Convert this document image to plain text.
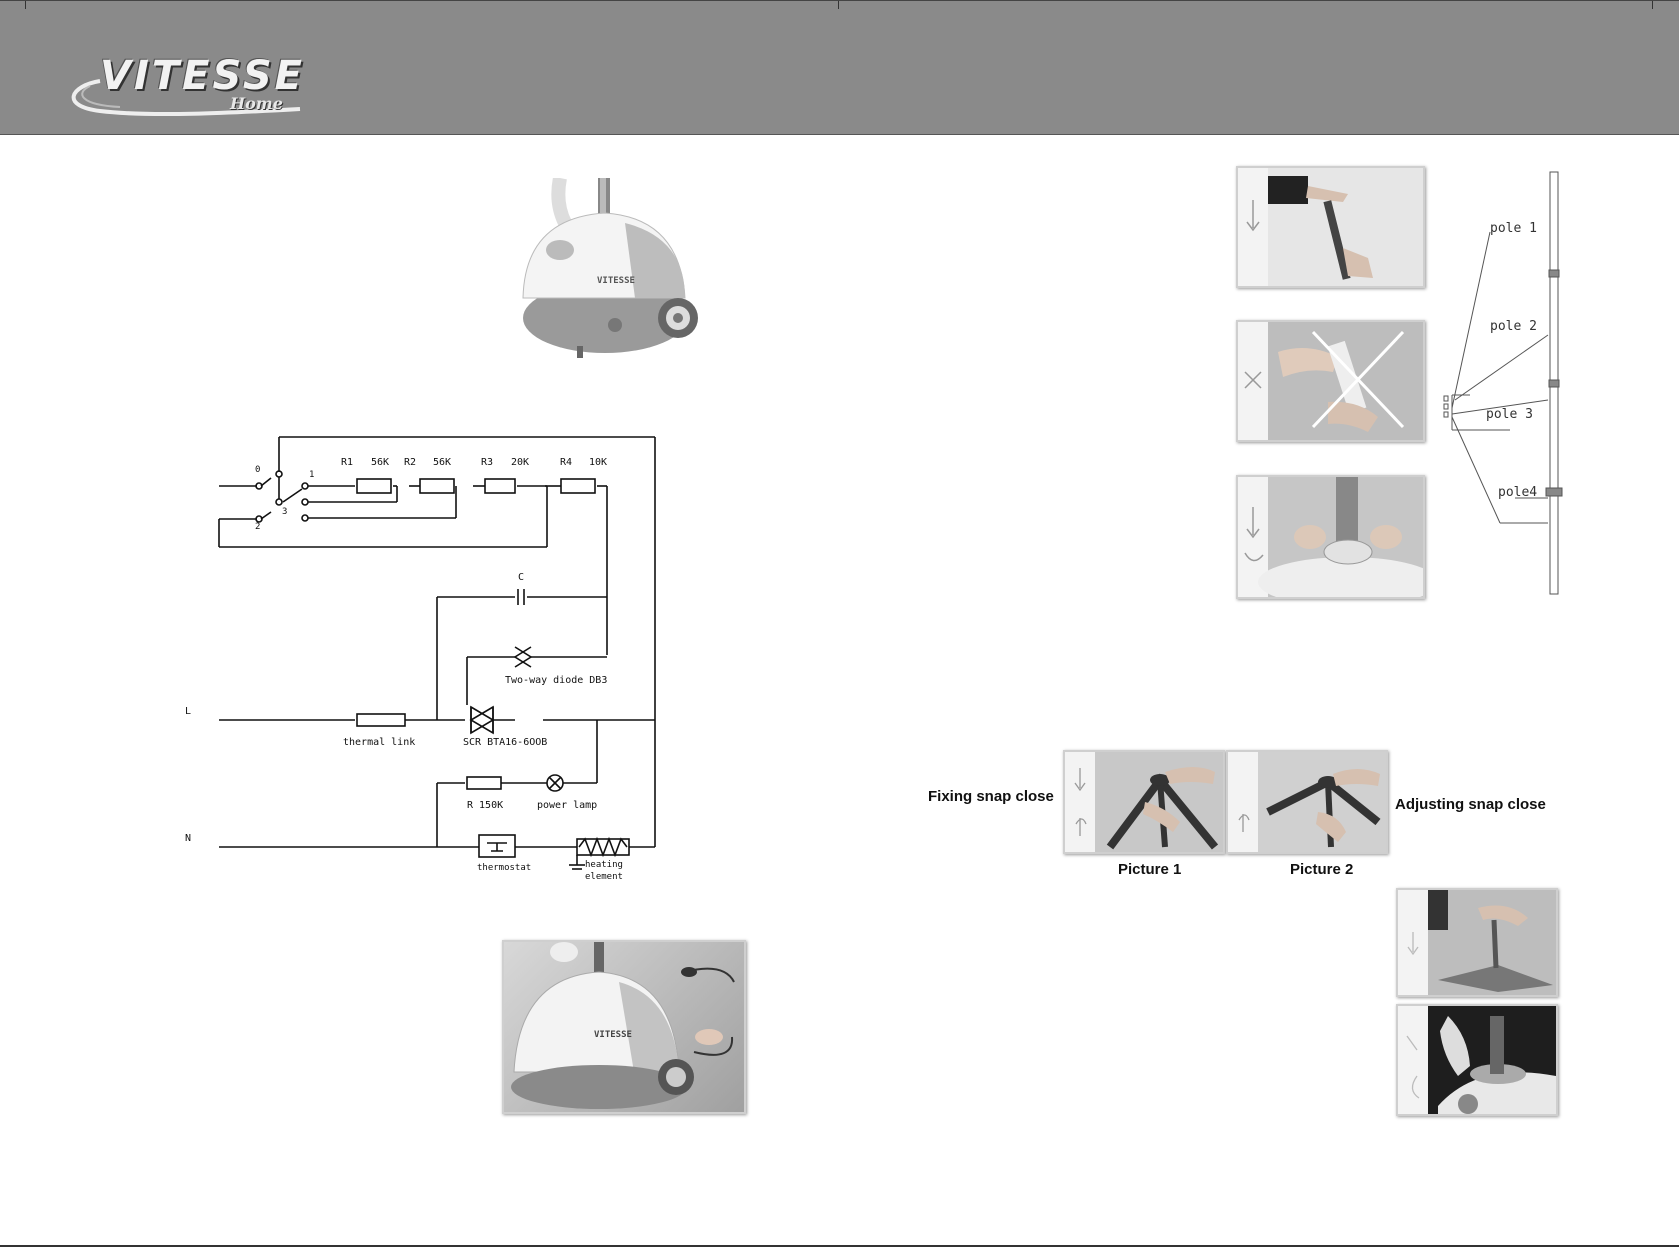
VITESSE
Home
VITESSE
R1 56K R2 56K	R3 20K	R4 10K
0	1
2
3
C
Two-way diode DB3
L
N
thermal link	SCR BTA16-6OOB
R 150K	power lamp
thermostat	heating
element
VITESSE
pole 1
pole 2
pole 3
pole4
Fixing snap close	Adjusting snap close
Picture 1	Picture 2
